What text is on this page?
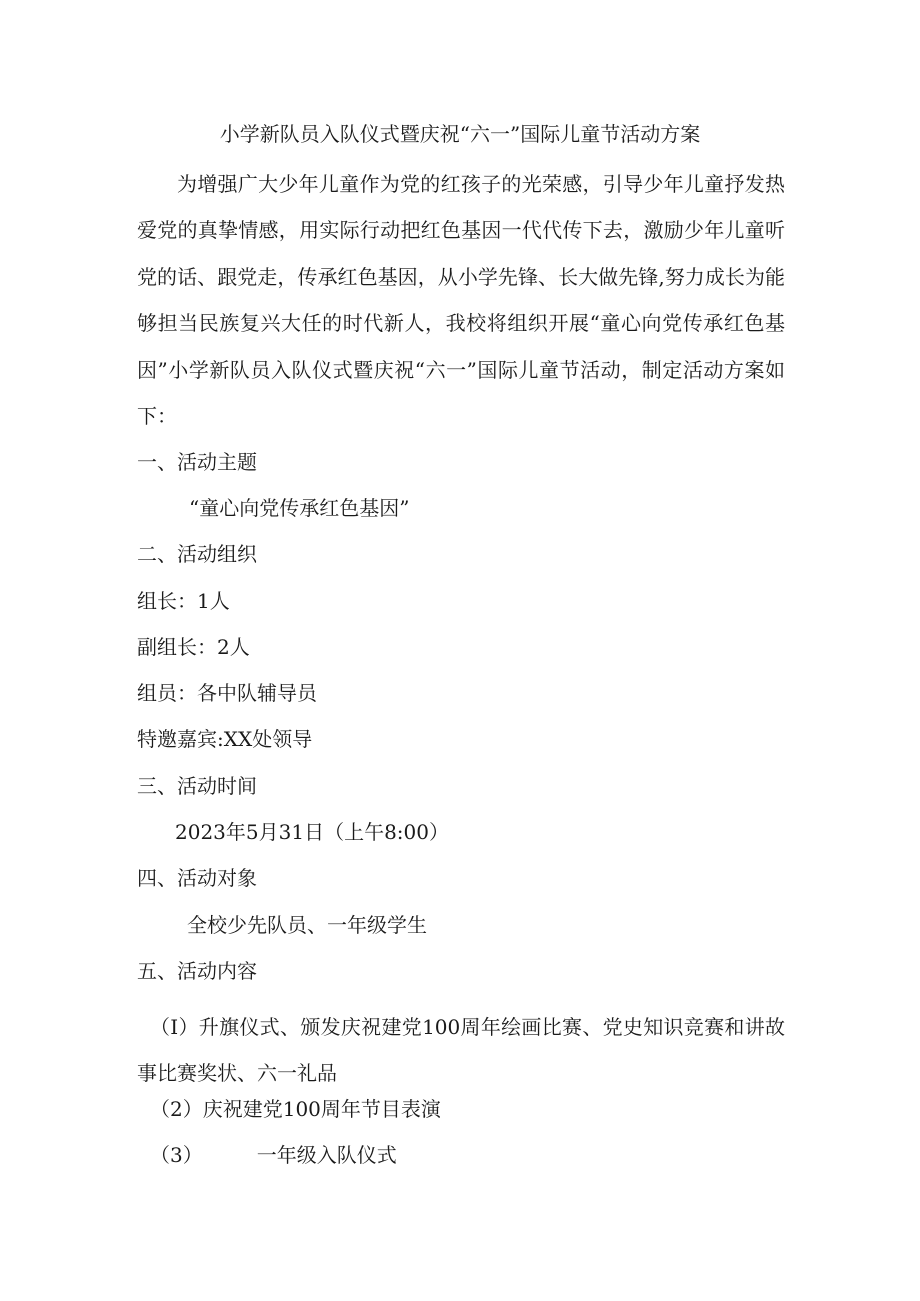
小学新队员入队仪式暨庆祝“六一”国际儿童节活动方案

为增强广大少年儿童作为党的红孩子的光荣感，引导少年儿童抒发热爱党的真挚情感，用实际行动把红色基因一代代传下去，激励少年儿童听党的话、跟党走，传承红色基因，从小学先锋、长大做先锋,努力成长为能够担当民族复兴大任的时代新人，我校将组织开展“童心向党传承红色基因”小学新队员入队仪式暨庆祝“六一”国际儿童节活动，制定活动方案如下：

一、活动主题

“童心向党传承红色基因”

二、活动组织

组长：1人

副组长：2人

组员：各中队辅导员

特邀嘉宾:XX处领导

三、活动时间

2023年5月31日（上午8:00）

四、活动对象

全校少先队员、一年级学生

五、活动内容

（I）升旗仪式、颁发庆祝建党100周年绘画比赛、党史知识竞赛和讲故事比赛奖状、六一礼品

（2）庆祝建党100周年节目表演

（3）	一年级入队仪式
